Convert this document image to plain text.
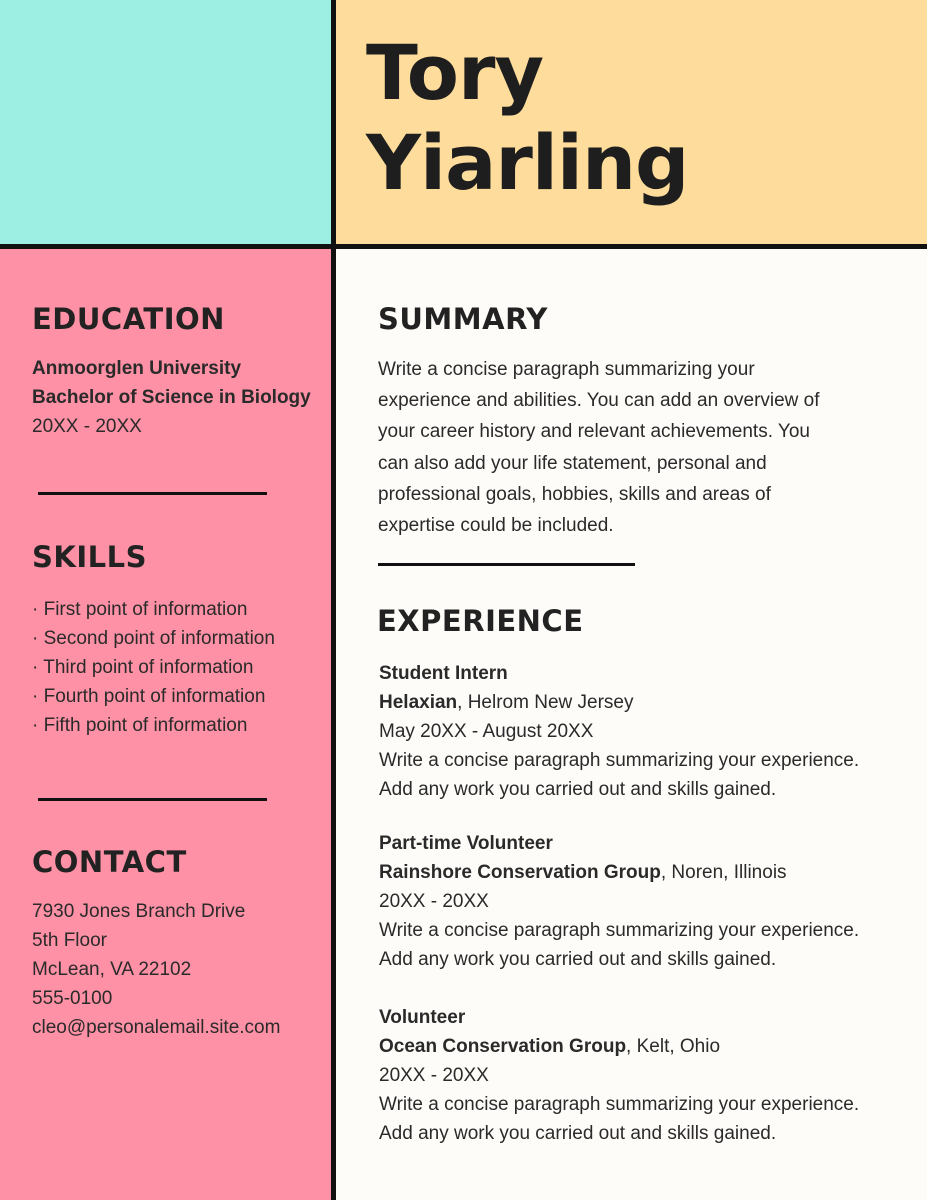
Tory
Yiarling
EDUCATION
Anmoorglen University
Bachelor of Science in Biology
20XX - 20XX
SKILLS
· First point of information
· Second point of information
· Third point of information
· Fourth point of information
· Fifth point of information
CONTACT
7930 Jones Branch Drive
5th Floor
McLean, VA 22102
555-0100
cleo@personalemail.site.com
SUMMARY
Write a concise paragraph summarizing your experience and abilities. You can add an overview of your career history and relevant achievements. You can also add your life statement, personal and professional goals, hobbies, skills and areas of expertise could be included.
EXPERIENCE
Student Intern
Helaxian, Helrom New Jersey
May 20XX - August 20XX
Write a concise paragraph summarizing your experience.
Add any work you carried out and skills gained.
Part-time Volunteer
Rainshore Conservation Group, Noren, Illinois
20XX - 20XX
Write a concise paragraph summarizing your experience.
Add any work you carried out and skills gained.
Volunteer
Ocean Conservation Group, Kelt, Ohio
20XX - 20XX
Write a concise paragraph summarizing your experience.
Add any work you carried out and skills gained.
